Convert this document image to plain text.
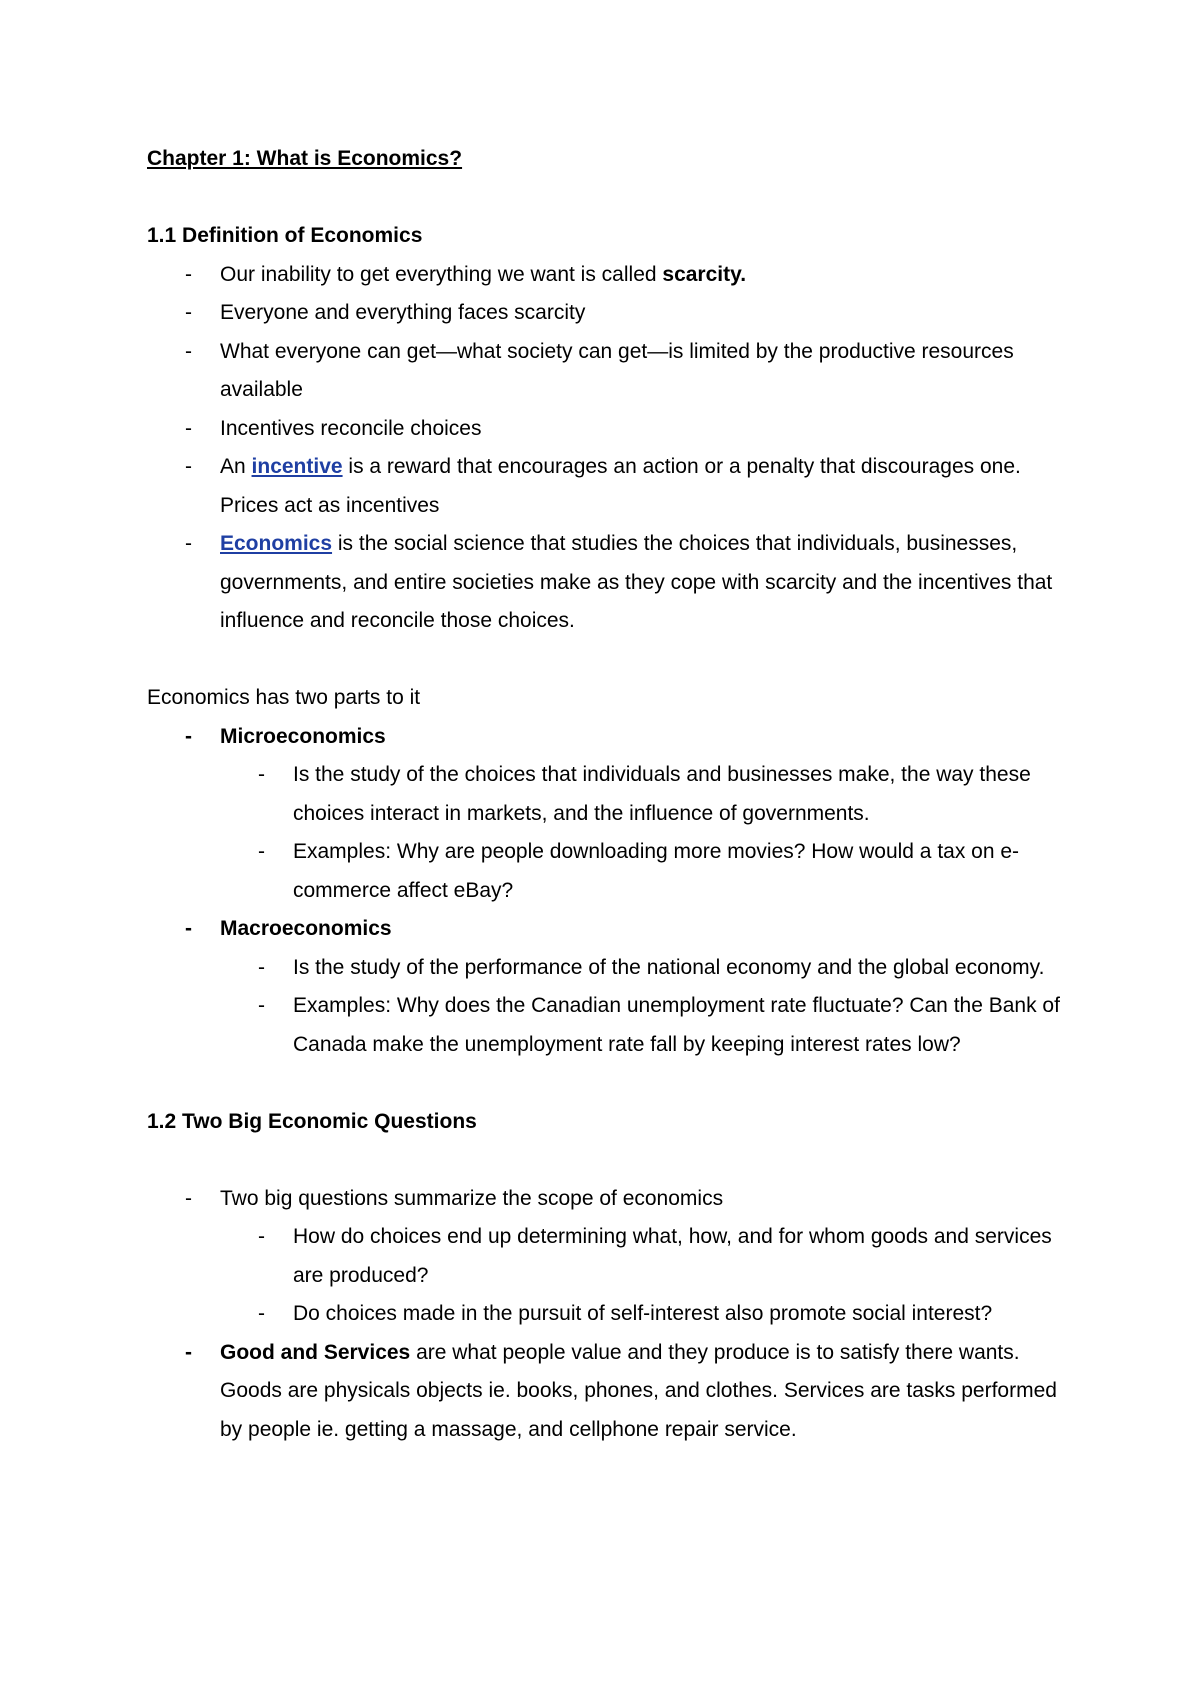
Chapter 1: What is Economics?

1.1 Definition of Economics

- Our inability to get everything we want is called scarcity.
- Everyone and everything faces scarcity
- What everyone can get—what society can get—is limited by the productive resources available
- Incentives reconcile choices
- An incentive is a reward that encourages an action or a penalty that discourages one. Prices act as incentives
- Economics is the social science that studies the choices that individuals, businesses, governments, and entire societies make as they cope with scarcity and the incentives that influence and reconcile those choices.

Economics has two parts to it

- Microeconomics
- Is the study of the choices that individuals and businesses make, the way these choices interact in markets, and the influence of governments.
- Examples: Why are people downloading more movies? How would a tax on e-commerce affect eBay?
- Macroeconomics
- Is the study of the performance of the national economy and the global economy.
- Examples: Why does the Canadian unemployment rate fluctuate? Can the Bank of Canada make the unemployment rate fall by keeping interest rates low?

1.2 Two Big Economic Questions

- Two big questions summarize the scope of economics
- How do choices end up determining what, how, and for whom goods and services are produced?
- Do choices made in the pursuit of self-interest also promote social interest?
- Good and Services are what people value and they produce is to satisfy there wants. Goods are physicals objects ie. books, phones, and clothes. Services are tasks performed by people ie. getting a massage, and cellphone repair service.
